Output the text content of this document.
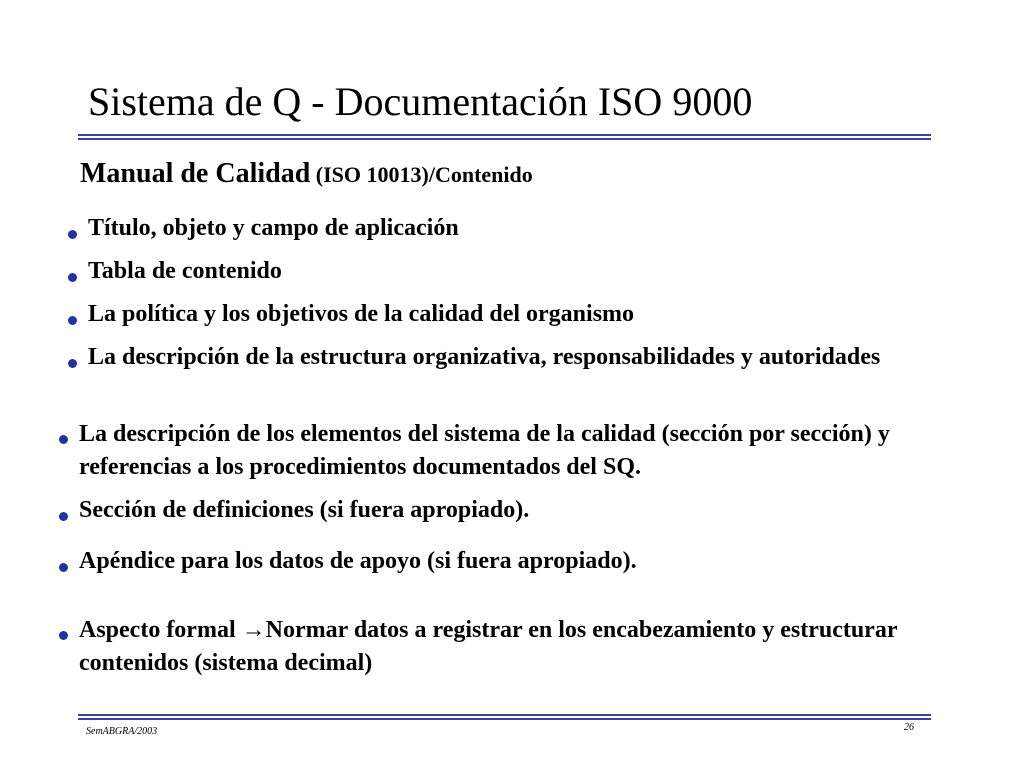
Sistema de Q - Documentación ISO 9000
Manual de Calidad (ISO 10013)/Contenido
Título, objeto y campo de aplicación
Tabla de contenido
La política y los objetivos de la calidad del organismo
La descripción de la estructura organizativa, responsabilidades y autoridades
La descripción de los elementos del sistema de la calidad (sección por sección) y referencias a los procedimientos documentados del SQ.
Sección de definiciones (si fuera apropiado).
Apéndice para los datos de apoyo (si fuera apropiado).
Aspecto formal →Normar datos a registrar en los encabezamiento y estructurar contenidos (sistema decimal)
SemABGRA/2003	26
